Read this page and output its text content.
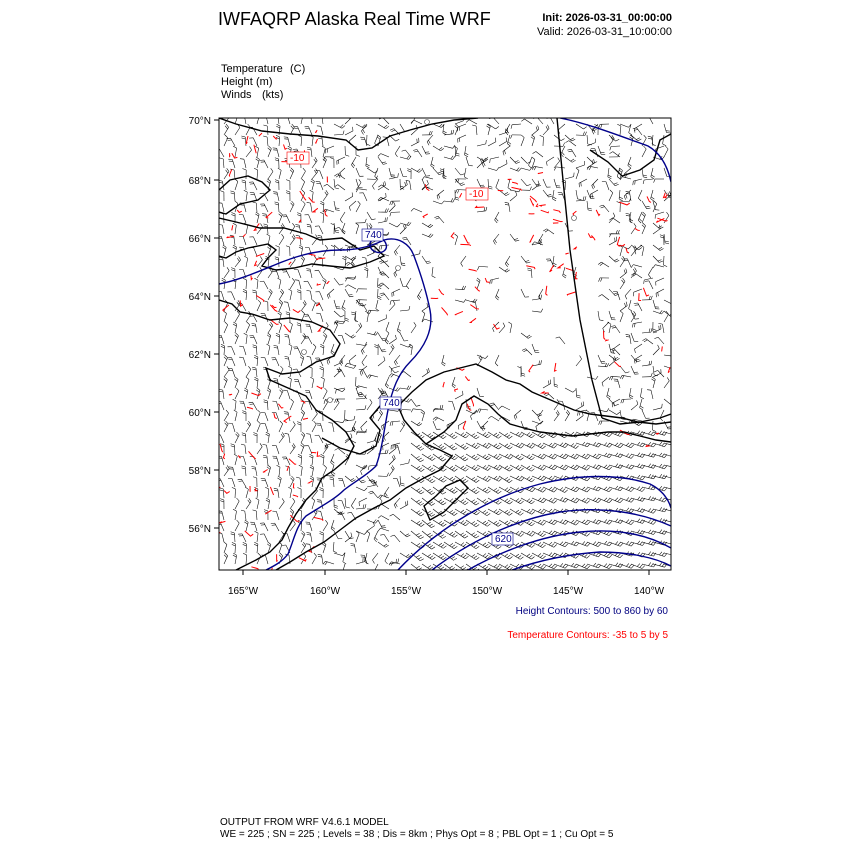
IWFAQRP Alaska Real Time WRF	Init: 2026-03-31_00:00:00
Valid: 2026-03-31_10:00:00
Temperature (C)
Height (m)
Winds (kts)
-10
-10
740
740
620
70°N
68°N
66°N
64°N
62°N
60°N
58°N
56°N
165°W	160°W	155°W	150°W	145°W	140°W
Height Contours: 500 to 860 by 60
Temperature Contours: -35 to 5 by 5
OUTPUT FROM WRF V4.6.1 MODEL
WE = 225 ; SN = 225 ; Levels = 38 ; Dis = 8km ; Phys Opt = 8 ; PBL Opt = 1 ; Cu Opt = 5
